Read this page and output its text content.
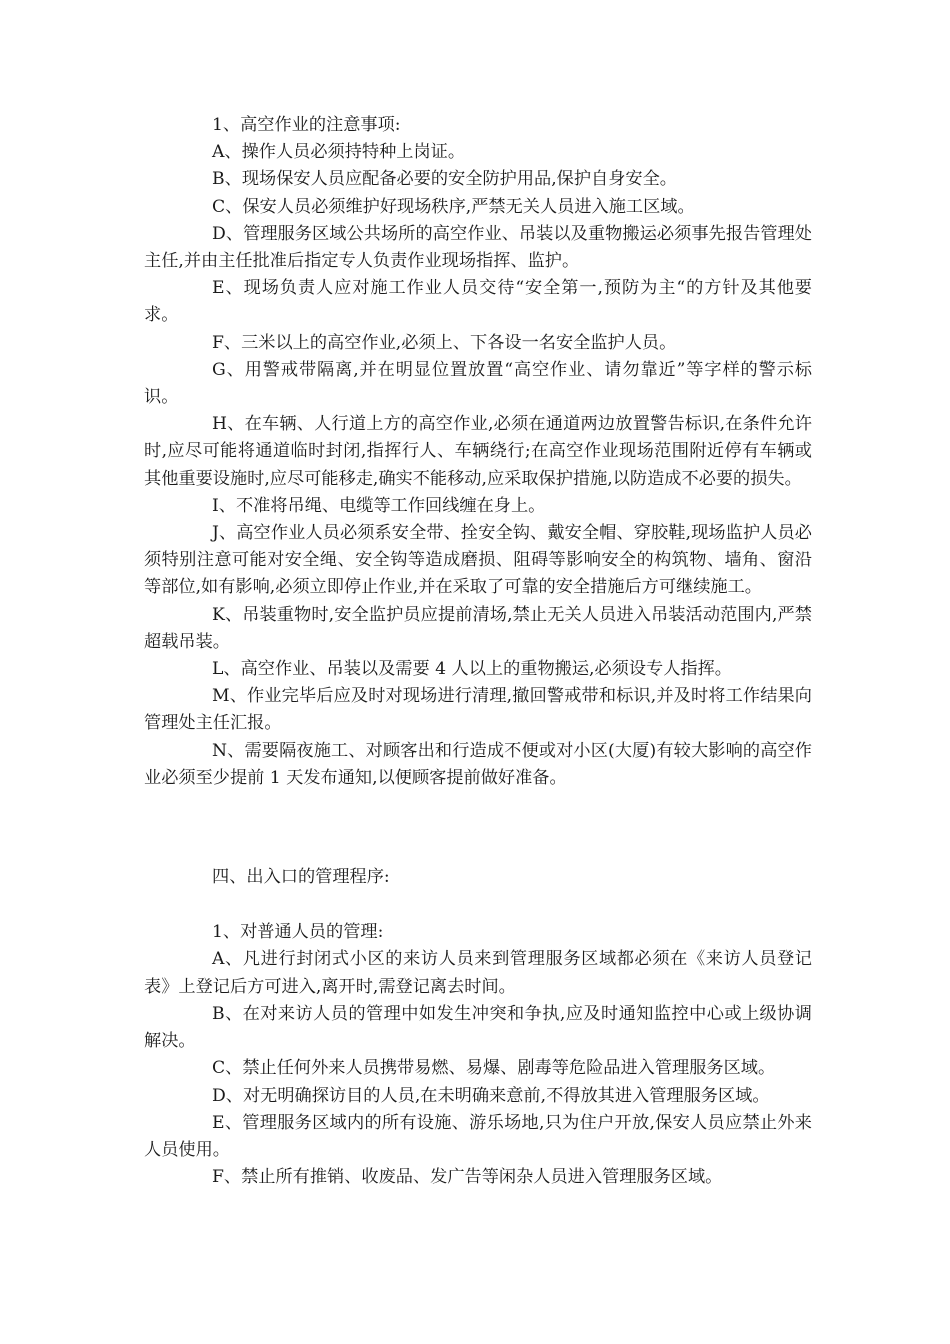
1、高空作业的注意事项:

A、操作人员必须持特种上岗证。

B、现场保安人员应配备必要的安全防护用品,保护自身安全。

C、保安人员必须维护好现场秩序,严禁无关人员进入施工区域。

D、管理服务区域公共场所的高空作业、吊装以及重物搬运必须事先报告管理处主任,并由主任批准后指定专人负责作业现场指挥、监护。

E、现场负责人应对施工作业人员交待“安全第一,预防为主“的方针及其他要求。

F、三米以上的高空作业,必须上、下各设一名安全监护人员。

G、用警戒带隔离,并在明显位置放置“高空作业、请勿靠近”等字样的警示标识。

H、在车辆、人行道上方的高空作业,必须在通道两边放置警告标识,在条件允许时,应尽可能将通道临时封闭,指挥行人、车辆绕行;在高空作业现场范围附近停有车辆或其他重要设施时,应尽可能移走,确实不能移动,应采取保护措施,以防造成不必要的损失。

I、不准将吊绳、电缆等工作回线缠在身上。

J、高空作业人员必须系安全带、拴安全钩、戴安全帽、穿胶鞋,现场监护人员必须特别注意可能对安全绳、安全钩等造成磨损、阻碍等影响安全的构筑物、墙角、窗沿等部位,如有影响,必须立即停止作业,并在采取了可靠的安全措施后方可继续施工。

K、吊装重物时,安全监护员应提前清场,禁止无关人员进入吊装活动范围内,严禁超载吊装。

L、高空作业、吊装以及需要 4 人以上的重物搬运,必须设专人指挥。

M、作业完毕后应及时对现场进行清理,撤回警戒带和标识,并及时将工作结果向管理处主任汇报。

N、需要隔夜施工、对顾客出和行造成不便或对小区(大厦)有较大影响的高空作业必须至少提前 1 天发布通知,以便顾客提前做好准备。

四、出入口的管理程序:

1、对普通人员的管理:

A、凡进行封闭式小区的来访人员来到管理服务区域都必须在《来访人员登记表》上登记后方可进入,离开时,需登记离去时间。

B、在对来访人员的管理中如发生冲突和争执,应及时通知监控中心或上级协调解决。

C、禁止任何外来人员携带易燃、易爆、剧毒等危险品进入管理服务区域。

D、对无明确探访目的人员,在未明确来意前,不得放其进入管理服务区域。

E、管理服务区域内的所有设施、游乐场地,只为住户开放,保安人员应禁止外来人员使用。

F、禁止所有推销、收废品、发广告等闲杂人员进入管理服务区域。
